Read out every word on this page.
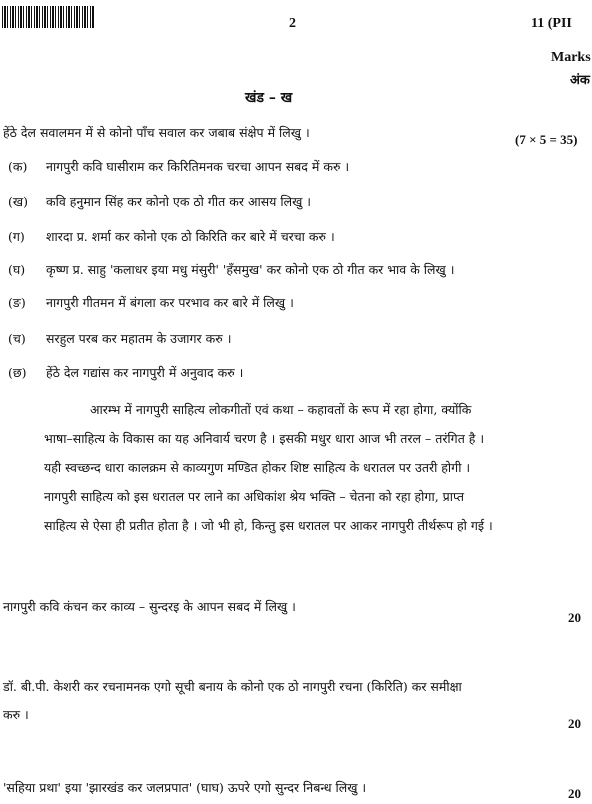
2	11 (PII
Marks
अंक
खंड – ख
हेंठे देल सवालमन में से कोनो पाँच सवाल कर जबाब संक्षेप में लिखु ।	(7 × 5 = 35)
(क) नागपुरी कवि घासीराम कर किरितिमनक चरचा आपन सबद में करु ।
(ख) कवि हनुमान सिंह कर कोनो एक ठो गीत कर आसय लिखु ।
(ग) शारदा प्र. शर्मा कर कोनो एक ठो किरिति कर बारे में चरचा करु ।
(घ) कृष्ण प्र. साहु 'कलाधर इया मधु मंसुरी' 'हँसमुख' कर कोनो एक ठो गीत कर भाव के लिखु ।
(ङ) नागपुरी गीतमन में बंगला कर परभाव कर बारे में लिखु ।
(च) सरहुल परब कर महातम के उजागर करु ।
(छ) हेंठे देल गद्यांस कर नागपुरी में अनुवाद करु ।
आरम्भ में नागपुरी साहित्य लोकगीतों एवं कथा – कहावतों के रूप में रहा होगा, क्योंकि
भाषा–साहित्य के विकास का यह अनिवार्य चरण है । इसकी मधुर धारा आज भी तरल – तरंगित है ।
यही स्वच्छन्द धारा कालक्रम से काव्यगुण मण्डित होकर शिष्ट साहित्य के धरातल पर उतरी होगी ।
नागपुरी साहित्य को इस धरातल पर लाने का अधिकांश श्रेय भक्ति – चेतना को रहा होगा, प्राप्त
साहित्य से ऐसा ही प्रतीत होता है । जो भी हो, किन्तु इस धरातल पर आकर नागपुरी तीर्थरूप हो गई ।
नागपुरी कवि कंचन कर काव्य – सुन्दरइ के आपन सबद में लिखु ।
20
डॉ. बी.पी. केशरी कर रचनामनक एगो सूची बनाय के कोनो एक ठो नागपुरी रचना (किरिति) कर समीक्षा
करु ।
20
'सहिया प्रथा' इया 'झारखंड कर जलप्रपात' (घाघ) ऊपरे एगो सुन्दर निबन्ध लिखु ।	20
